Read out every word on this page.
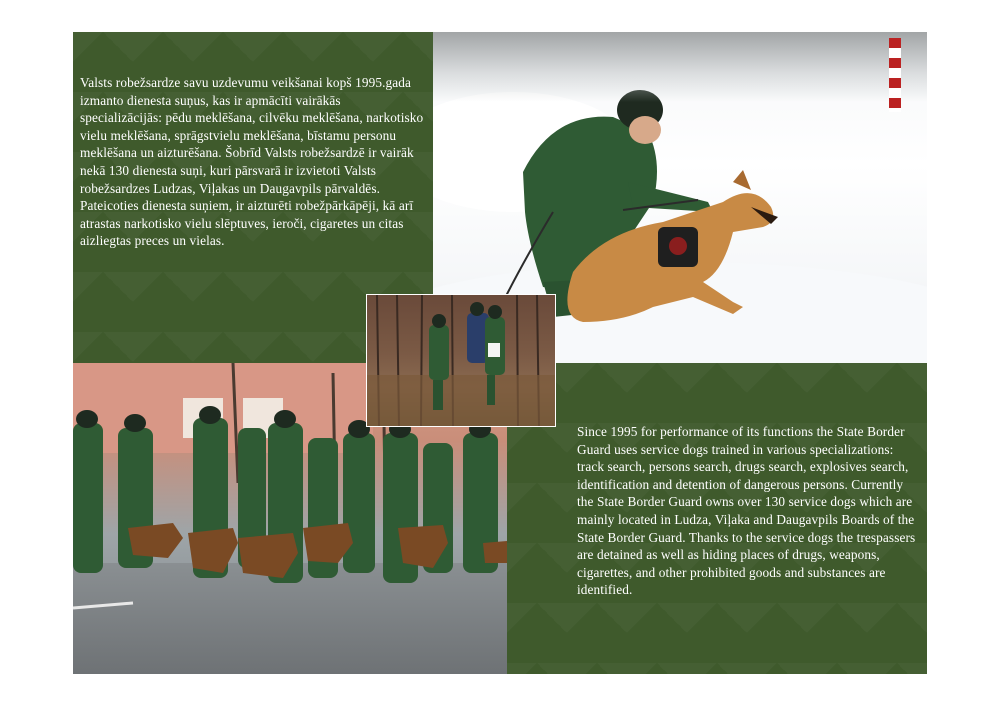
Valsts robežsardze savu uzdevumu veikšanai kopš 1995.gada izmanto dienesta suņus, kas ir apmācīti vairākās specializācijās: pēdu meklēšana, cilvēku meklēšana, narkotisko vielu meklēšana, sprāgstvielu meklēšana, bīstamu personu meklēšana un aizturēšana. Šobrīd Valsts robežsardzē ir vairāk nekā 130 dienesta suņi, kuri pārsvarā ir izvietoti Valsts robežsardzes Ludzas, Viļakas un Daugavpils pārvaldēs. Pateicoties dienesta suņiem, ir aizturēti robežpārkāpēji, kā arī atrastas narkotisko vielu slēptuves, ieroči, cigaretes un citas aizliegtas preces un vielas.
Since 1995 for performance of its functions the State Border Guard uses service dogs trained in various specializations: track search, persons search, drugs search, explosives search, identification and detention of dangerous persons. Currently the State Border Guard owns over 130 service dogs which are mainly located in Ludza, Viļaka and Daugavpils Boards of the State Border Guard. Thanks to the service dogs the trespassers are detained as well as hiding places of drugs, weapons, cigarettes, and other prohibited goods and substances are identified.
